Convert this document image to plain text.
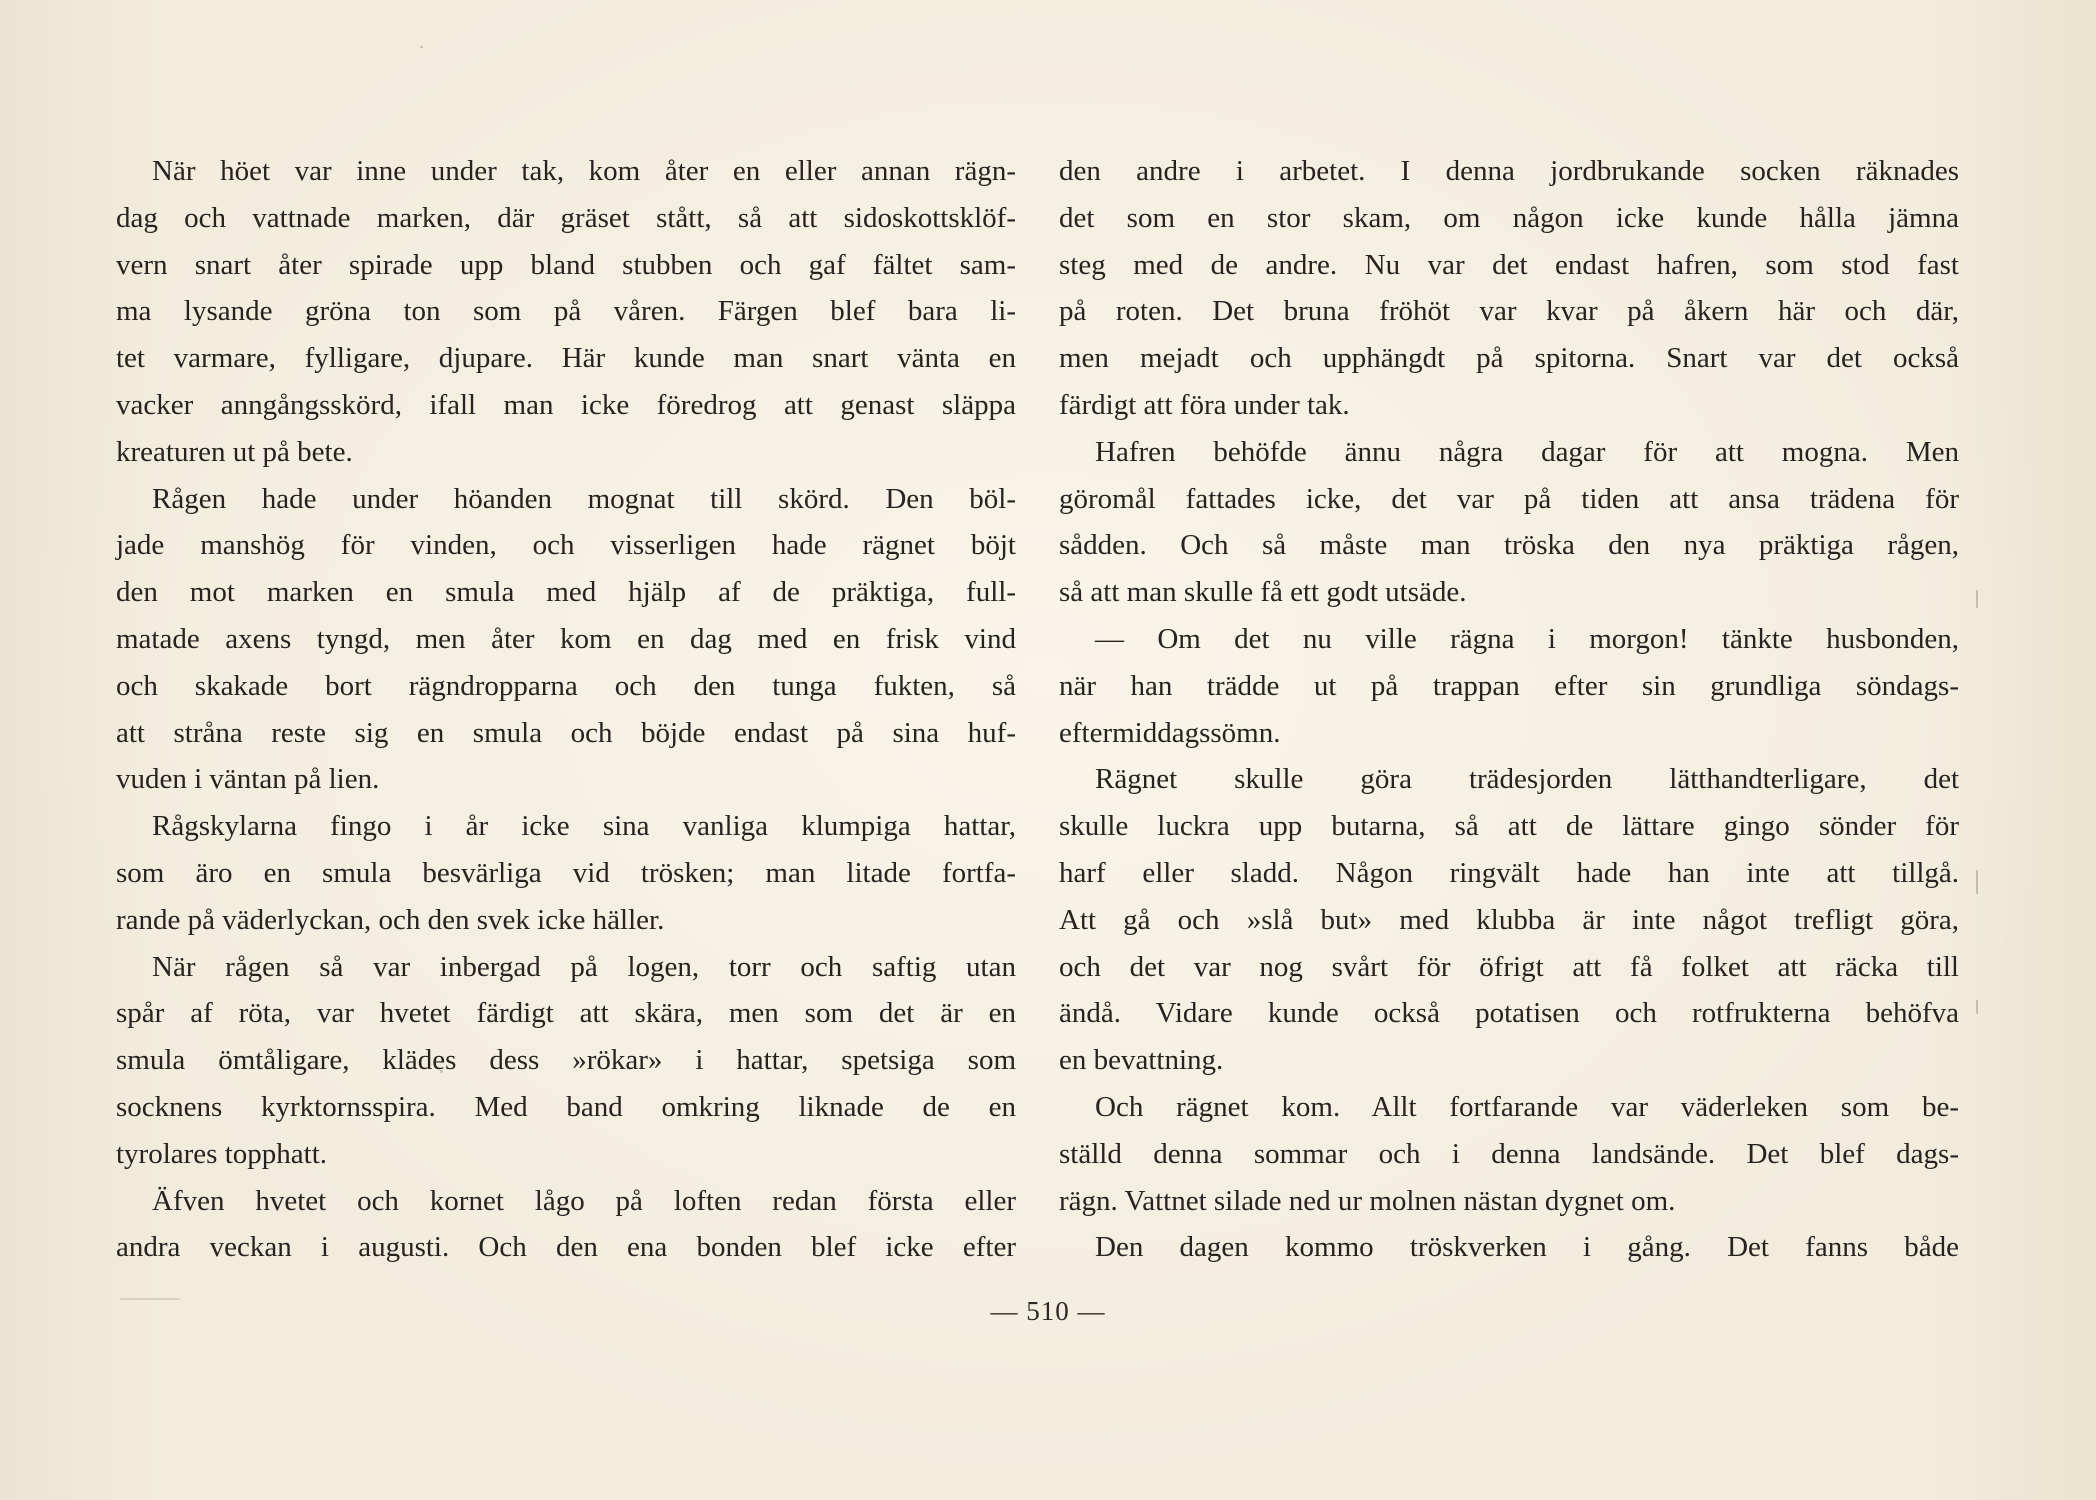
När höet var inne under tak, kom åter en eller annan rägn-
dag och vattnade marken, där gräset stått, så att sidoskottsklöf-
vern snart åter spirade upp bland stubben och gaf fältet sam-
ma lysande gröna ton som på våren. Färgen blef bara li-
tet varmare, fylligare, djupare. Här kunde man snart vänta en
vacker anngångsskörd, ifall man icke föredrog att genast släppa
kreaturen ut på bete.
Rågen hade under höanden mognat till skörd. Den böl-
jade manshög för vinden, och visserligen hade rägnet böjt
den mot marken en smula med hjälp af de präktiga, full-
matade axens tyngd, men åter kom en dag med en frisk vind
och skakade bort rägndropparna och den tunga fukten, så
att stråna reste sig en smula och böjde endast på sina huf-
vuden i väntan på lien.
Rågskylarna fingo i år icke sina vanliga klumpiga hattar,
som äro en smula besvärliga vid trösken; man litade fortfa-
rande på väderlyckan, och den svek icke häller.
När rågen så var inbergad på logen, torr och saftig utan
spår af röta, var hvetet färdigt att skära, men som det är en
smula ömtåligare, klädes dess »rökar» i hattar, spetsiga som
socknens kyrktornsspira. Med band omkring liknade de en
tyrolares topphatt.
Äfven hvetet och kornet lågo på loften redan första eller
andra veckan i augusti. Och den ena bonden blef icke efter
den andre i arbetet. I denna jordbrukande socken räknades
det som en stor skam, om någon icke kunde hålla jämna
steg med de andre. Nu var det endast hafren, som stod fast
på roten. Det bruna fröhöt var kvar på åkern här och där,
men mejadt och upphängdt på spitorna. Snart var det också
färdigt att föra under tak.
Hafren behöfde ännu några dagar för att mogna. Men
göromål fattades icke, det var på tiden att ansa trädena för
sådden. Och så måste man tröska den nya präktiga rågen,
så att man skulle få ett godt utsäde.
— Om det nu ville rägna i morgon! tänkte husbonden,
när han trädde ut på trappan efter sin grundliga söndags-
eftermiddagssömn.
Rägnet skulle göra trädesjorden lätthandterligare, det
skulle luckra upp butarna, så att de lättare gingo sönder för
harf eller sladd. Någon ringvält hade han inte att tillgå.
Att gå och »slå but» med klubba är inte något trefligt göra,
och det var nog svårt för öfrigt att få folket att räcka till
ändå. Vidare kunde också potatisen och rotfrukterna behöfva
en bevattning.
Och rägnet kom. Allt fortfarande var väderleken som be-
ställd denna sommar och i denna landsände. Det blef dags-
rägn. Vattnet silade ned ur molnen nästan dygnet om.
Den dagen kommo tröskverken i gång. Det fanns både
— 510 —
